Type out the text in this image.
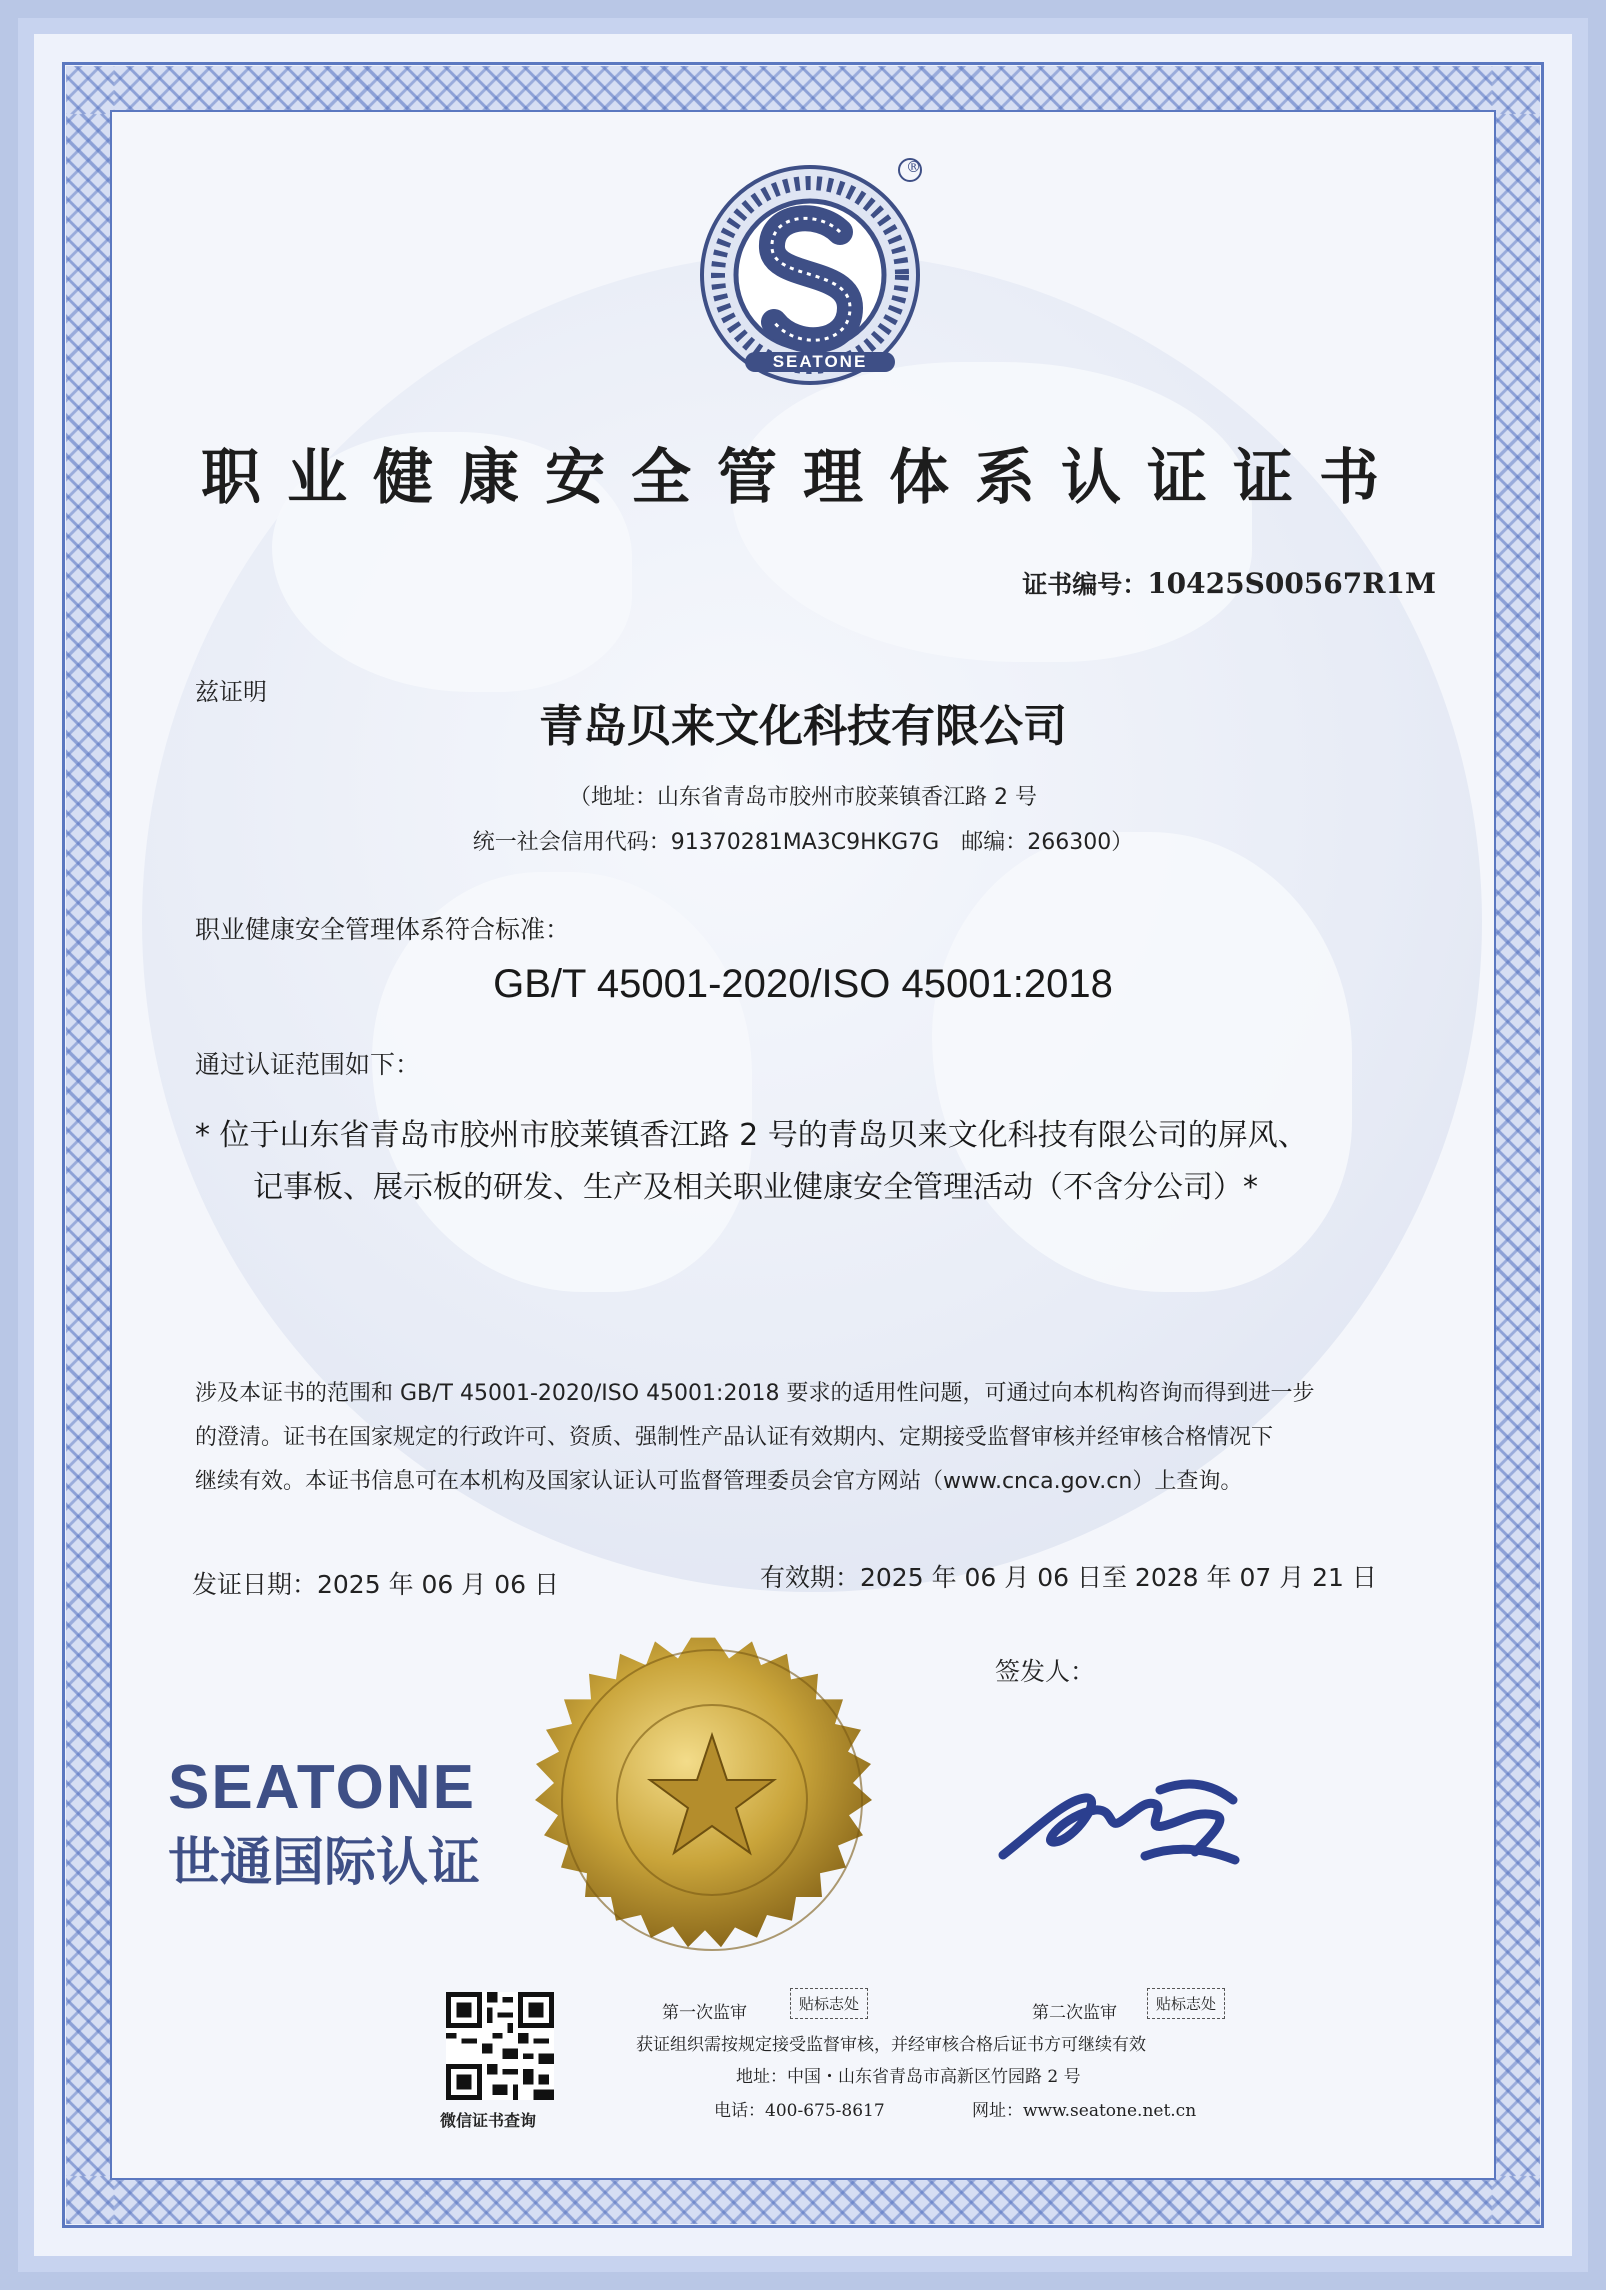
®
SEATONE
职业健康安全管理体系认证证书
证书编号：10425S00567R1M
兹证明
青岛贝来文化科技有限公司
（地址：山东省青岛市胶州市胶莱镇香江路 2 号
统一社会信用代码：91370281MA3C9HKG7G　邮编：266300）
职业健康安全管理体系符合标准：
GB/T 45001-2020/ISO 45001:2018
通过认证范围如下：
* 位于山东省青岛市胶州市胶莱镇香江路 2 号的青岛贝来文化科技有限公司的屏风、
记事板、展示板的研发、生产及相关职业健康安全管理活动（不含分公司）*
涉及本证书的范围和 GB/T 45001-2020/ISO 45001:2018 要求的适用性问题，可通过向本机构咨询而得到进一步
的澄清。证书在国家规定的行政许可、资质、强制性产品认证有效期内、定期接受监督审核并经审核合格情况下
继续有效。本证书信息可在本机构及国家认证认可监督管理委员会官方网站（www.cnca.gov.cn）上查询。
发证日期：2025 年 06 月 06 日	有效期：2025 年 06 月 06 日至 2028 年 07 月 21 日
签发人：
SEATONE
世通国际认证
微信证书查询
第一次监审	贴标志处	第二次监审	贴标志处
获证组织需按规定接受监督审核，并经审核合格后证书方可继续有效
地址：中国・山东省青岛市高新区竹园路 2 号
电话：400-675-8617	网址：www.seatone.net.cn
